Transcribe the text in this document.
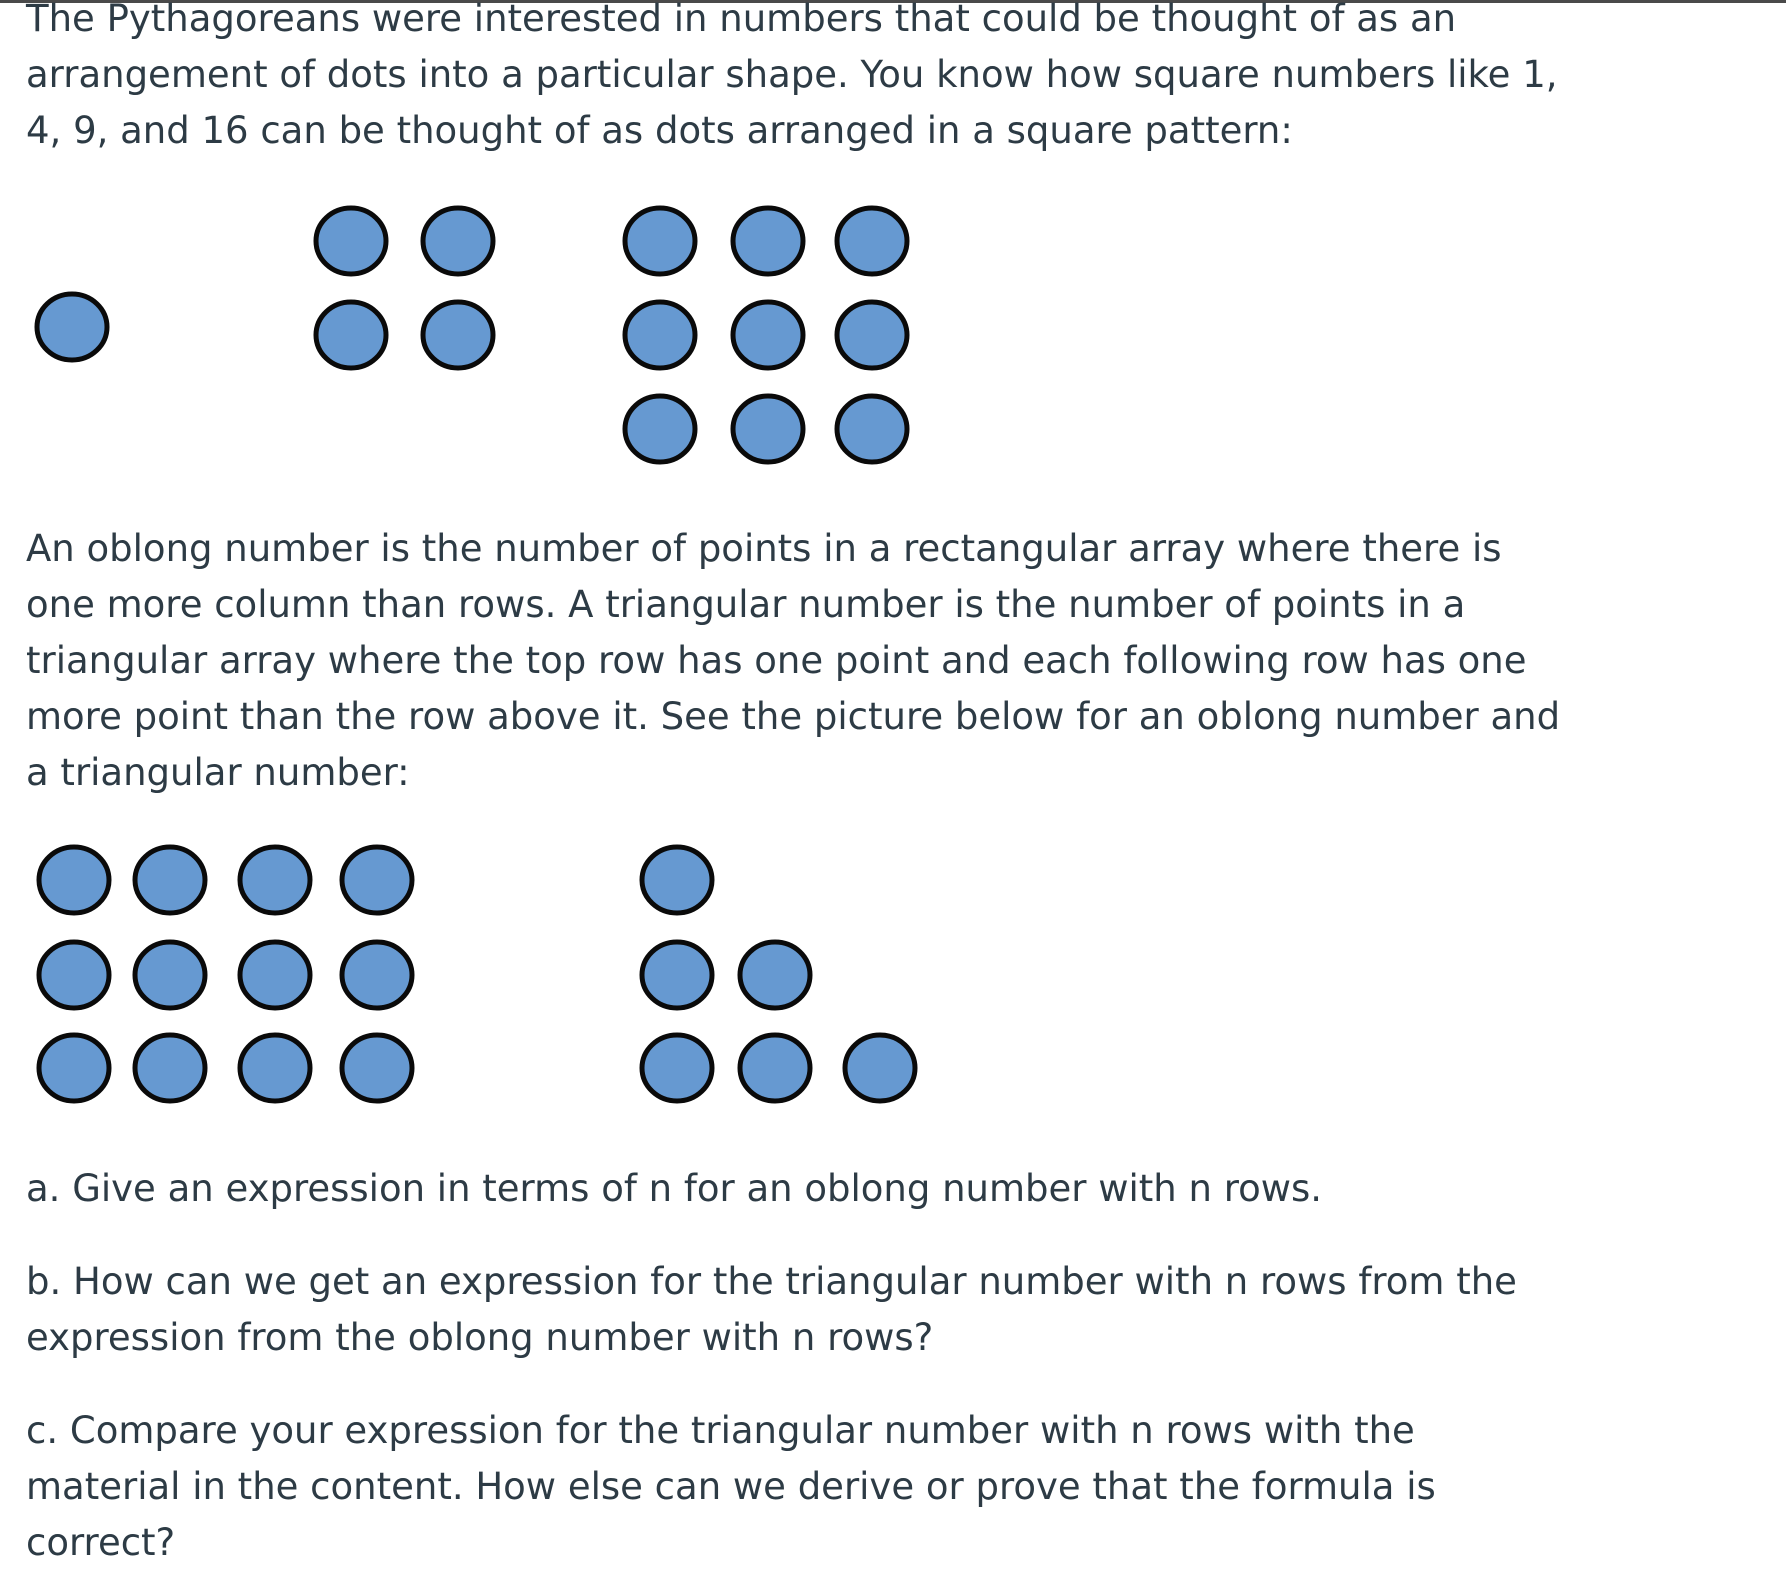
The Pythagoreans were interested in numbers that could be thought of as an
arrangement of dots into a particular shape. You know how square numbers like 1,
4, 9, and 16 can be thought of as dots arranged in a square pattern:

An oblong number is the number of points in a rectangular array where there is
one more column than rows. A triangular number is the number of points in a
triangular array where the top row has one point and each following row has one
more point than the row above it. See the picture below for an oblong number and
a triangular number:

a. Give an expression in terms of n for an oblong number with n rows.

b. How can we get an expression for the triangular number with n rows from the
expression from the oblong number with n rows?

c. Compare your expression for the triangular number with n rows with the
material in the content. How else can we derive or prove that the formula is
correct?
